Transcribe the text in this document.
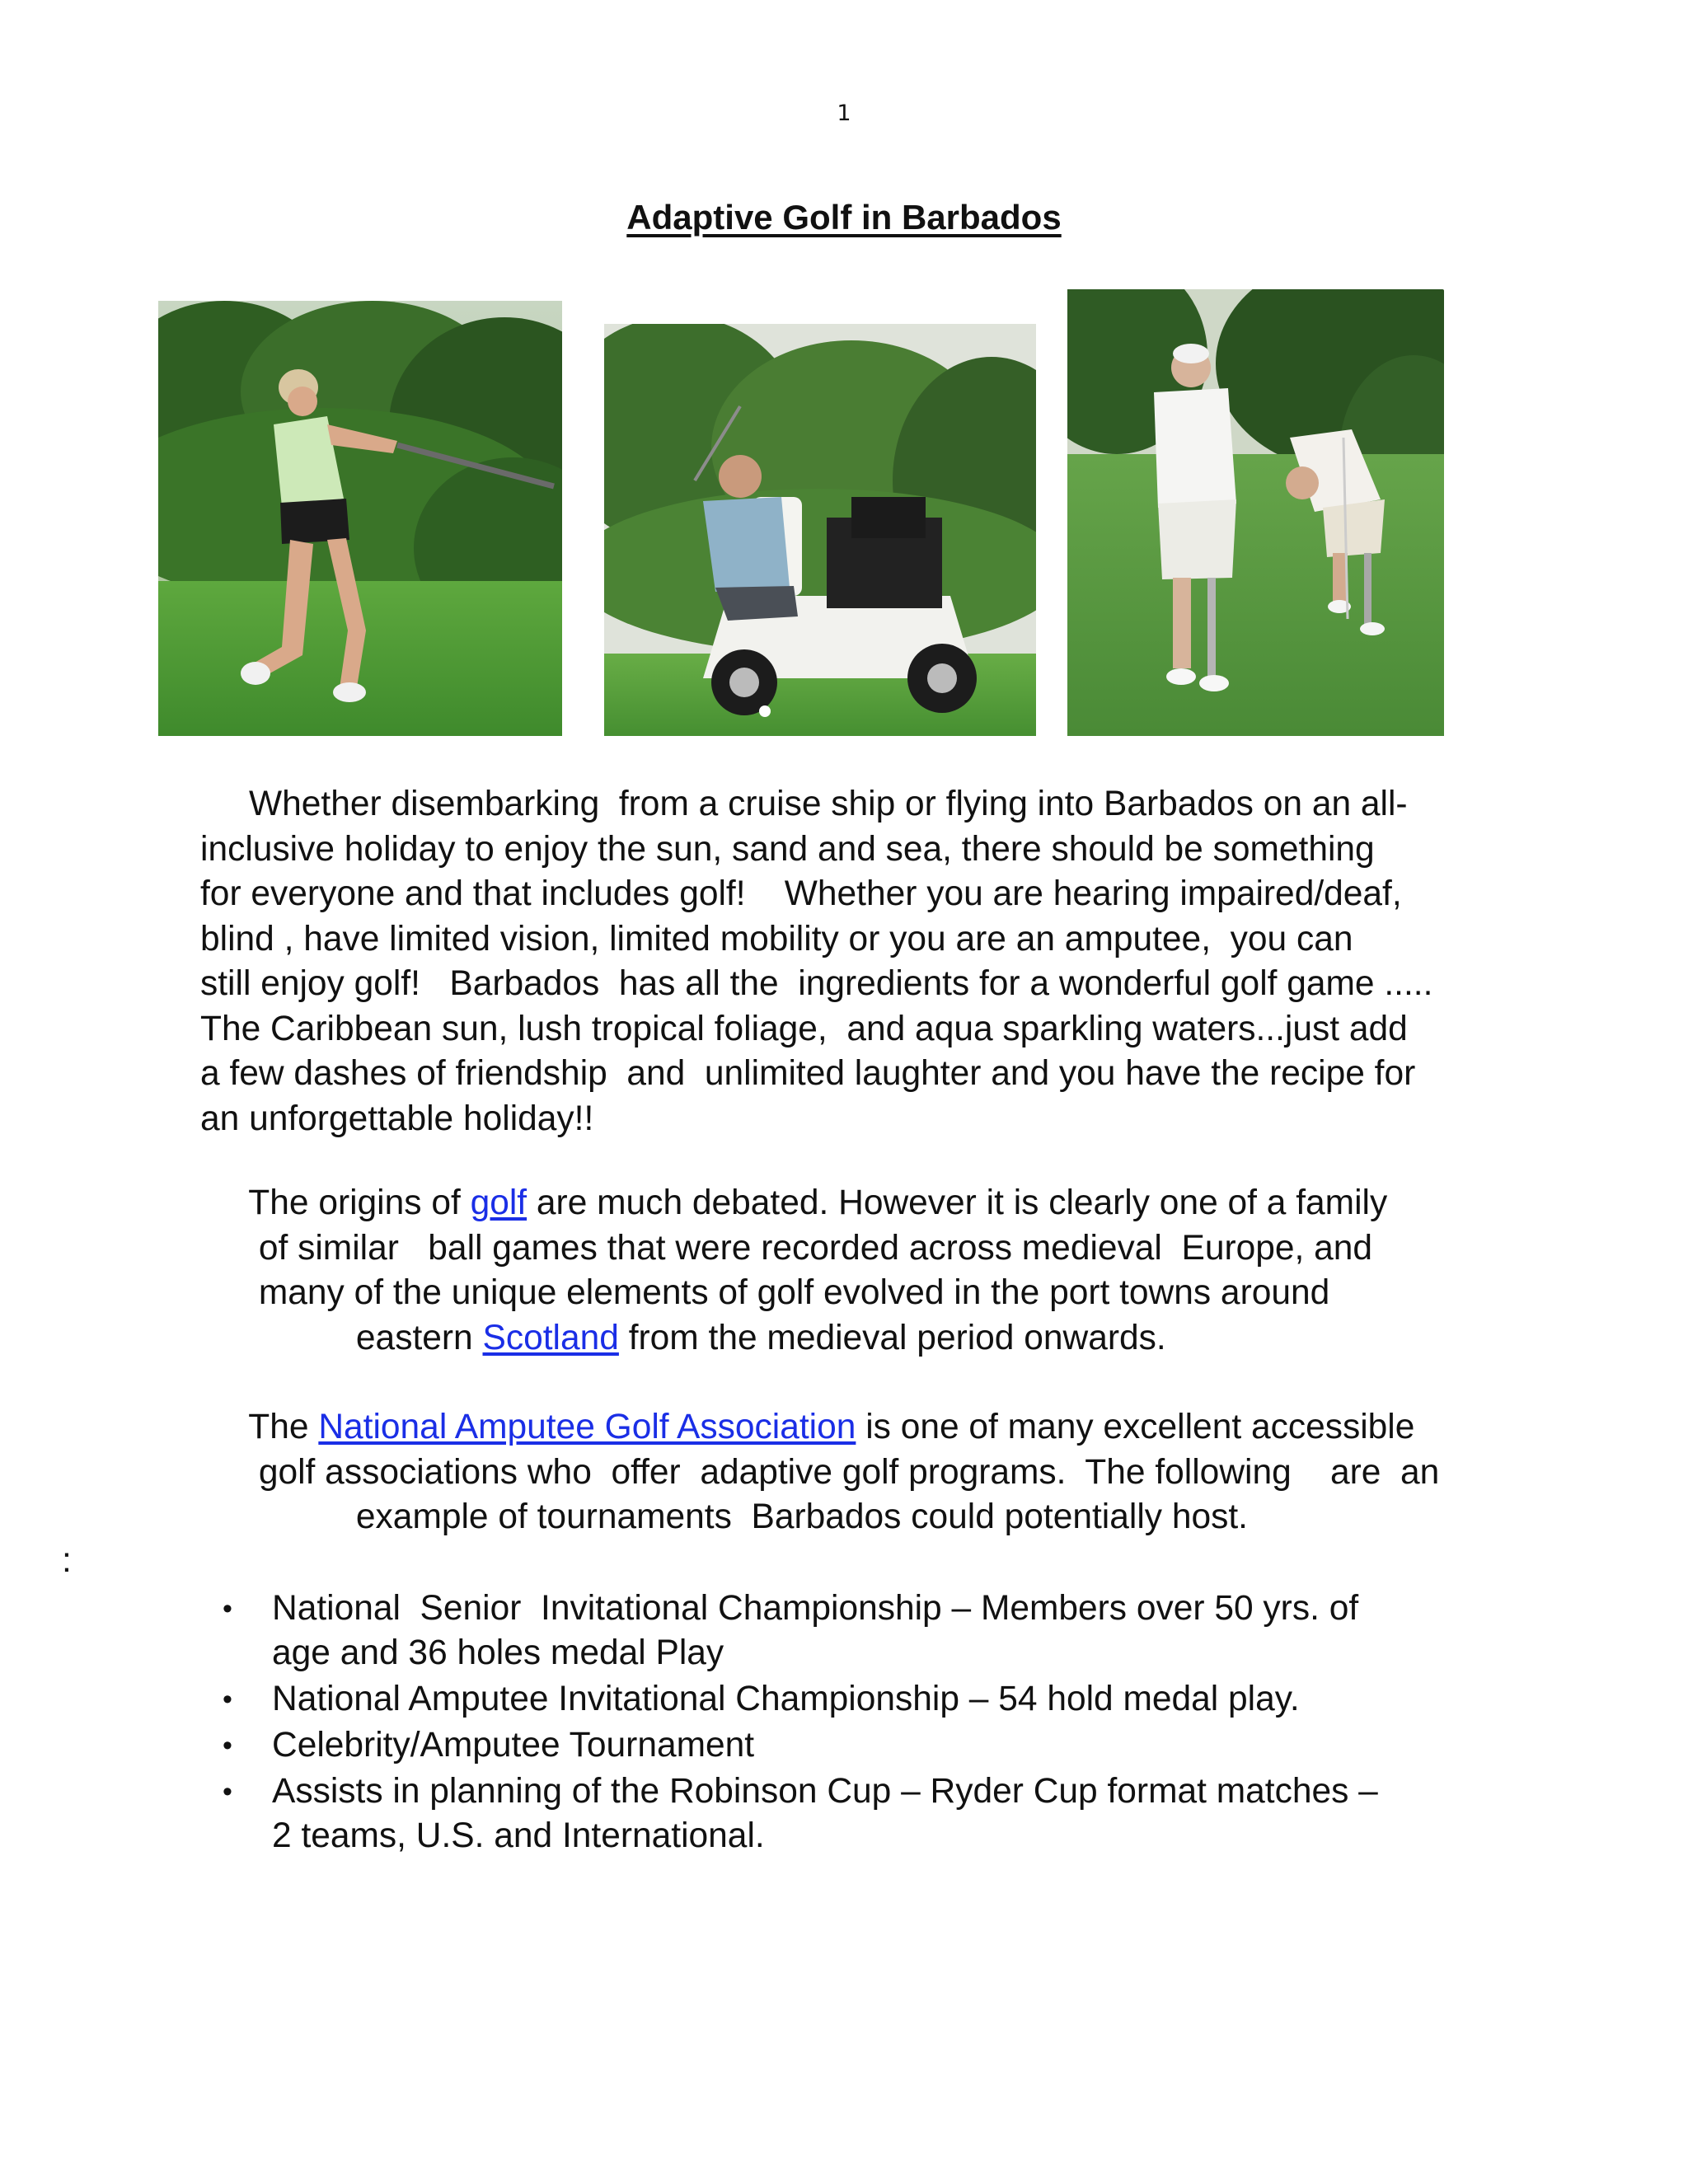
1
Adaptive Golf in Barbados
Whether disembarking  from a cruise ship or flying into Barbados on an all-
inclusive holiday to enjoy the sun, sand and sea, there should be something
for everyone and that includes golf!    Whether you are hearing impaired/deaf,
blind , have limited vision, limited mobility or you are an amputee,  you can
still enjoy golf!   Barbados  has all the  ingredients for a wonderful golf game .....
The Caribbean sun, lush tropical foliage,  and aqua sparkling waters...just add
a few dashes of friendship  and  unlimited laughter and you have the recipe for
an unforgettable holiday!!
The origins of golf are much debated. However it is clearly one of a family
of similar   ball games that were recorded across medieval  Europe, and
many of the unique elements of golf evolved in the port towns around
eastern Scotland from the medieval period onwards.
The National Amputee Golf Association is one of many excellent accessible
golf associations who  offer  adaptive golf programs.  The following    are  an
example of tournaments  Barbados could potentially host.
:
• National  Senior  Invitational Championship – Members over 50 yrs. of
age and 36 holes medal Play
• National Amputee Invitational Championship – 54 hold medal play.
• Celebrity/Amputee Tournament
• Assists in planning of the Robinson Cup – Ryder Cup format matches –
2 teams, U.S. and International.
